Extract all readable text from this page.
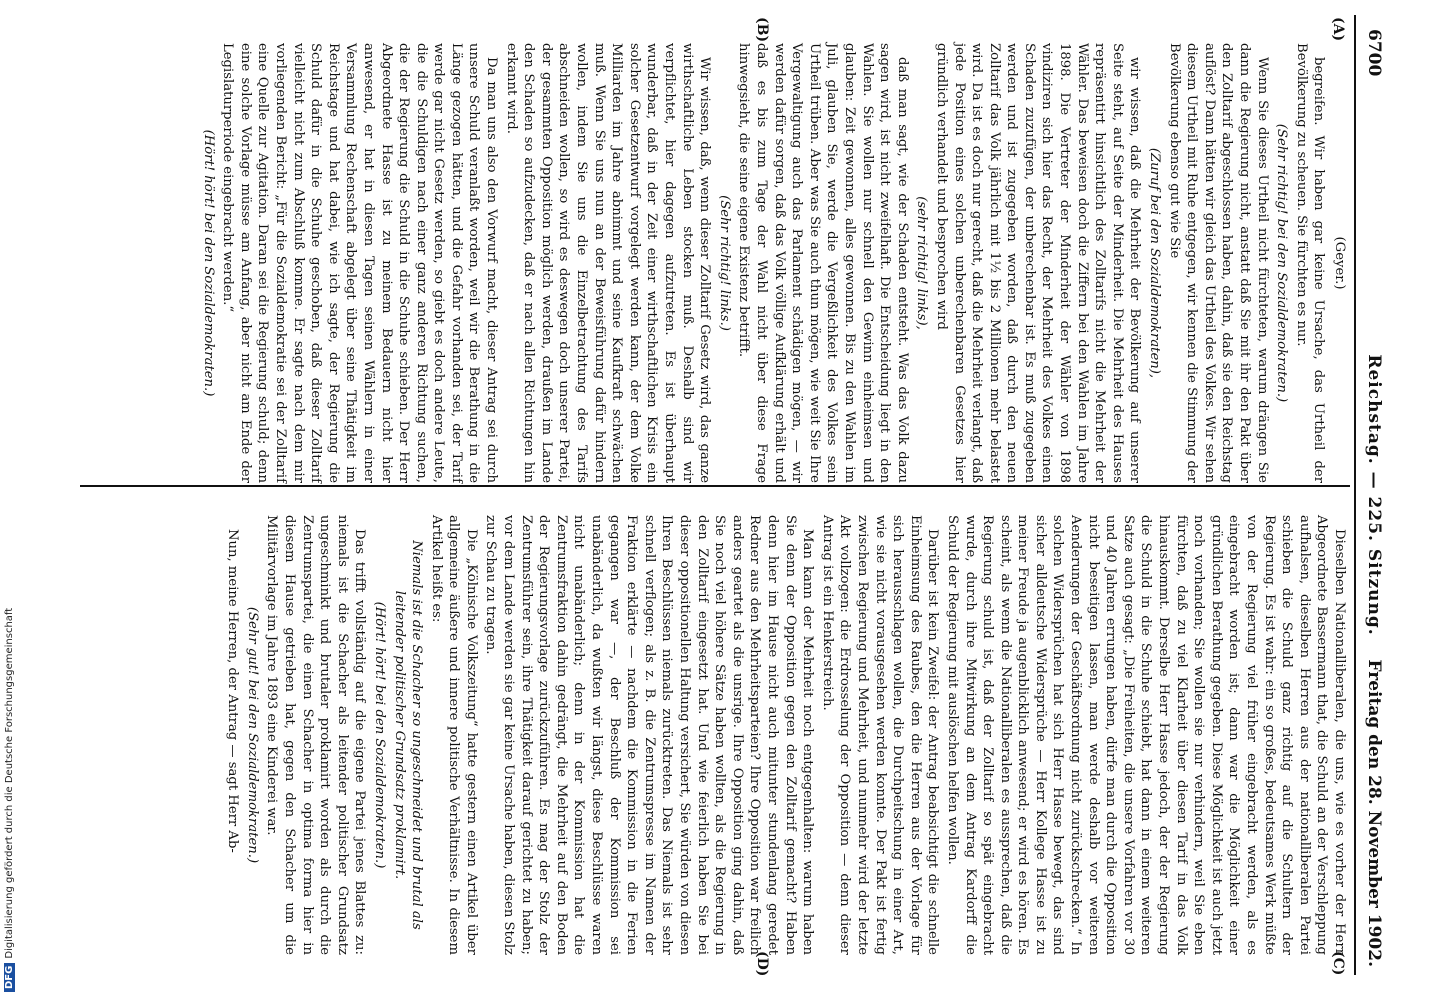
6700
Reichstag. — 225. Sitzung.
Freitag den 28. November 1902.
(A)
(B)
(C)
(D)

(Geyer.)

begreifen. Wir haben gar keine Ursache, das Urtheil der Bevölkerung zu scheuen. Sie fürchten es nur.

(Sehr richtig! bei den Sozialdemokraten.)

Wenn Sie dieses Urtheil nicht fürchteten, warum drängen Sie dann die Regierung nicht, anstatt daß Sie mit ihr den Pakt über den Zolltarif abgeschlossen haben, dahin, daß sie den Reichstag auflöst? Dann hätten wir gleich das Urtheil des Volkes. Wir sehen diesem Urtheil mit Ruhe entgegen, wir kennen die Stimmung der Bevölkerung ebenso gut wie Sie

(Zuruf bei den Sozialdemokraten),

wir wissen, daß die Mehrheit der Bevölkerung auf unserer Seite steht, auf Seite der Minderheit. Die Mehrheit des Hauses repräsentirt hinsichtlich des Zolltarifs nicht die Mehrheit der Wähler. Das beweisen doch die Ziffern bei den Wahlen im Jahre 1898. Die Vertreter der Minderheit der Wähler von 1898 vindiziren sich hier das Recht, der Mehrheit des Volkes einen Schaden zuzufügen, der unberechenbar ist. Es muß zugegeben werden und ist zugegeben worden, daß durch den neuen Zolltarif das Volk jährlich mit 1½ bis 2 Millionen mehr belastet wird. Da ist es doch nur gerecht, daß die Mehrheit verlangt, daß jede Position eines solchen unberechenbaren Gesetzes hier gründlich verhandelt und besprochen wird

(sehr richtig! links),

daß man sagt, wie der Schaden entsteht. Was das Volk dazu sagen wird, ist nicht zweifelhaft. Die Entscheidung liegt in den Wahlen. Sie wollen nur schnell den Gewinn einheimsen und glauben: Zeit gewonnen, alles gewonnen. Bis zu den Wahlen im Juli, glauben Sie, werde die Vergeßlichkeit des Volkes sein Urtheil trüben. Aber was Sie auch thun mögen, wie weit Sie Ihre Vergewaltigung auch das Parlament schädigen mögen, — wir werden dafür sorgen, daß das Volk völlige Aufklärung erhält und daß es bis zum Tage der Wahl nicht über diese Frage hinwegsieht, die seine eigene Existenz betrifft.

(Sehr richtig! links.)

Wir wissen, daß, wenn dieser Zolltarif Gesetz wird, das ganze wirthschaftliche Leben stocken muß. Deshalb sind wir verpflichtet, hier dagegen aufzutreten. Es ist überhaupt wunderbar, daß in der Zeit einer wirthschaftlichen Krisis ein solcher Gesetzentwurf vorgelegt werden kann, der dem Volke Milliarden im Jahre abnimmt und seine Kaufkraft schwächen muß. Wenn Sie uns nun an der Beweisführung dafür hindern wollen, indem Sie uns die Einzelbetrachtung des Tarifs abschneiden wollen, so wird es deswegen doch unserer Partei, der gesammten Opposition möglich werden, draußen im Lande den Schaden so aufzudecken, daß er nach allen Richtungen hin erkannt wird.

Da man uns also den Vorwurf macht, dieser Antrag sei durch unsere Schuld veranlaßt worden, weil wir die Berathung in die Länge gezogen hätten, und die Gefahr vorhanden sei, der Tarif werde gar nicht Gesetz werden, so giebt es doch andere Leute, die die Schuldigen nach einer ganz anderen Richtung suchen, die der Regierung die Schuld in die Schuhe schieben. Der Herr Abgeordnete Hasse ist zu meinem Bedauern nicht hier anwesend, er hat in diesen Tagen seinen Wählern in einer Versammlung Rechenschaft abgelegt über seine Thätigkeit im Reichstage und hat dabei, wie ich sagte, der Regierung die Schuld dafür in die Schuhe geschoben, daß dieser Zolltarif vielleicht nicht zum Abschluß komme. Er sagte nach dem mir vorliegenden Bericht: „Für die Sozialdemokratie sei der Zolltarif eine Quelle zur Agitation. Daran sei die Regierung schuld; denn eine solche Vorlage müsse am Anfang, aber nicht am Ende der Legislaturperiode eingebracht werden.“

(Hört! hört! bei den Sozialdemokraten.)

Dieselben Nationalliberalen, die uns, wie es vorher der Herr Abgeordnete Bassermann that, die Schuld an der Verschleppung aufhalsen, dieselben Herren aus der nationalliberalen Partei schieben die Schuld ganz richtig auf die Schultern der Regierung. Es ist wahr: ein so großes, bedeutsames Werk müßte von der Regierung viel früher eingebracht werden, als es eingebracht worden ist; dann war die Möglichkeit einer gründlichen Berathung gegeben. Diese Möglichkeit ist auch jetzt noch vorhanden; Sie wollen sie nur verhindern, weil Sie eben fürchten, daß zu viel Klarheit über diesen Tarif in das Volk hinauskommt. Derselbe Herr Hasse jedoch, der der Regierung die Schuld in die Schuhe schiebt, hat dann in einem weiteren Satze auch gesagt: „Die Freiheiten, die unsere Vorfahren vor 30 und 40 Jahren errungen haben, dürfe man durch die Opposition nicht beseitigen lassen, man werde deshalb vor weiteren Aenderungen der Geschäftsordnung nicht zurückschrecken.“ In solchen Widersprüchen hat sich Herr Hasse bewegt, das sind sicher alldeutsche Widersprüche — Herr Kollege Hasse ist zu meiner Freude ja augenblicklich anwesend; er wird es hören. Es scheint, als wenn die Nationalliberalen es aussprechen, daß die Regierung schuld ist, daß der Zolltarif so spät eingebracht wurde, durch ihre Mitwirkung an dem Antrag Kardorff die Schuld der Regierung mit auslöschen helfen wollen.

Darüber ist kein Zweifel: der Antrag beabsichtigt die schnelle Einheimsung des Raubes, den die Herren aus der Vorlage für sich herausschlagen wollen, die Durchpeitschung in einer Art, wie sie nicht vorausgesehen werden konnte. Der Pakt ist fertig zwischen Regierung und Mehrheit, und nunmehr wird der letzte Akt vollzogen: die Erdrosselung der Opposition — denn dieser Antrag ist ein Henkerstreich.

Man kann der Mehrheit noch entgegenhalten: warum haben Sie denn der Opposition gegen den Zolltarif gemacht? Haben denn hier im Hause nicht auch mitunter stundenlang geredet Redner aus den Mehrheitsparteien? Ihre Opposition war freilich anders geartet als die unsrige. Ihre Opposition ging dahin, daß Sie noch viel höhere Sätze haben wollten, als die Regierung in den Zolltarif eingesetzt hat. Und wie feierlich haben Sie bei dieser oppositionellen Haltung versichert, Sie würden von diesen Ihren Beschlüssen niemals zurücktreten. Das Niemals ist sehr schnell verflogen; als z. B. die Zentrumspresse im Namen der Fraktion erklärte — nachdem die Kommission in die Ferien gegangen war —, der Beschluß der Kommission sei unabänderlich, da wußten wir längst, diese Beschlüsse waren nicht unabänderlich; denn in der Kommission hat die Zentrumsfraktion dahin gedrängt, die Mehrheit auf den Boden der Regierungsvorlage zurückzuführen. Es mag der Stolz der Zentrumsführer sein, ihre Thätigkeit darauf gerichtet zu haben; vor dem Lande werden sie gar keine Ursache haben, diesen Stolz zur Schau zu tragen.

Die „Kölnische Volkszeitung“ hatte gestern einen Artikel über allgemeine äußere und innere politische Verhältnisse. In diesem Artikel heißt es:

Niemals ist die Schacher so ungeschmeidet und brutal als leitender politischer Grundsatz proklamirt.

(Hört! hört! bei den Sozialdemokraten.)

Das trifft vollständig auf die eigene Partei jenes Blattes zu: niemals ist die Schacher als leitender politischer Grundsatz ungeschminkt und brutaler proklamirt worden als durch die Zentrumspartei, die einen Schacher in optima forma hier in diesem Hause getrieben hat, gegen den Schacher um die Militärvorlage im Jahre 1893 eine Kinderei war.

(Sehr gut! bei den Sozialdemokraten.)

Nun, meine Herren, der Antrag — sagt Herr Ab-

DFGDigitalisierung gefördert durch die Deutsche Forschungsgemeinschaft
